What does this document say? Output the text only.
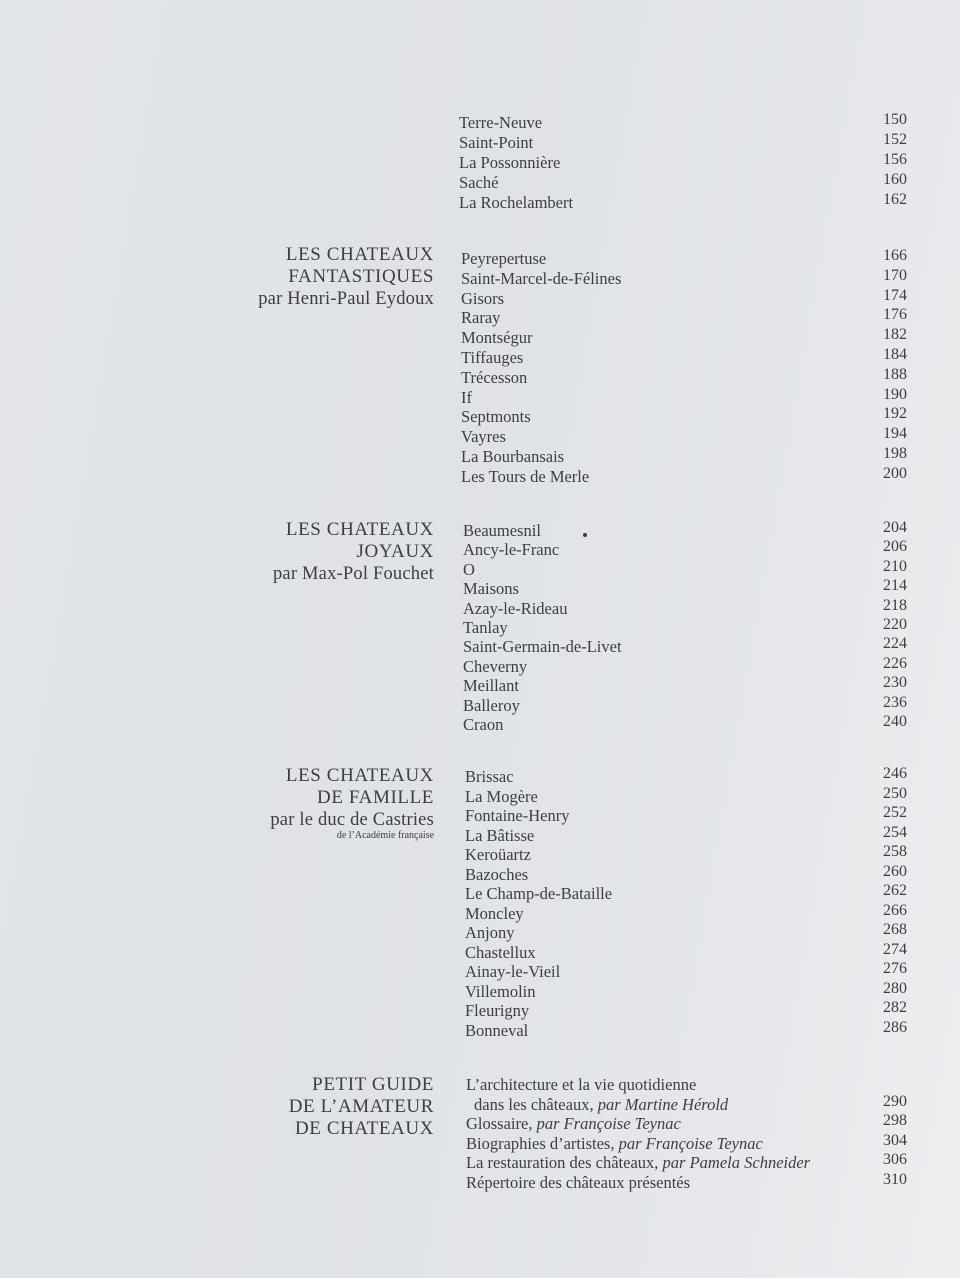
Terre-Neuve	150
Saint-Point	152
La Possonnière	156
Saché	160
La Rochelambert	162
LES CHATEAUX
FANTASTIQUES
par Henri-Paul Eydoux
Peyrepertuse	166
Saint-Marcel-de-Félines	170
Gisors	174
Raray	176
Montségur	182
Tiffauges	184
Trécesson	188
If	190
Septmonts	192
Vayres	194
La Bourbansais	198
Les Tours de Merle	200
LES CHATEAUX
JOYAUX
par Max-Pol Fouchet
Beaumesnil	204
Ancy-le-Franc	206
O	210
Maisons	214
Azay-le-Rideau	218
Tanlay	220
Saint-Germain-de-Livet	224
Cheverny	226
Meillant	230
Balleroy	236
Craon	240
LES CHATEAUX
DE FAMILLE
par le duc de Castries
de l’Académie française
Brissac	246
La Mogère	250
Fontaine-Henry	252
La Bâtisse	254
Keroüartz	258
Bazoches	260
Le Champ-de-Bataille	262
Moncley	266
Anjony	268
Chastellux	274
Ainay-le-Vieil	276
Villemolin	280
Fleurigny	282
Bonneval	286
PETIT GUIDE
DE L’AMATEUR
DE CHATEAUX
L’architecture et la vie quotidienne
dans les châteaux, par Martine Hérold	290
Glossaire, par Françoise Teynac	298
Biographies d’artistes, par Françoise Teynac	304
La restauration des châteaux, par Pamela Schneider	306
Répertoire des châteaux présentés	310
